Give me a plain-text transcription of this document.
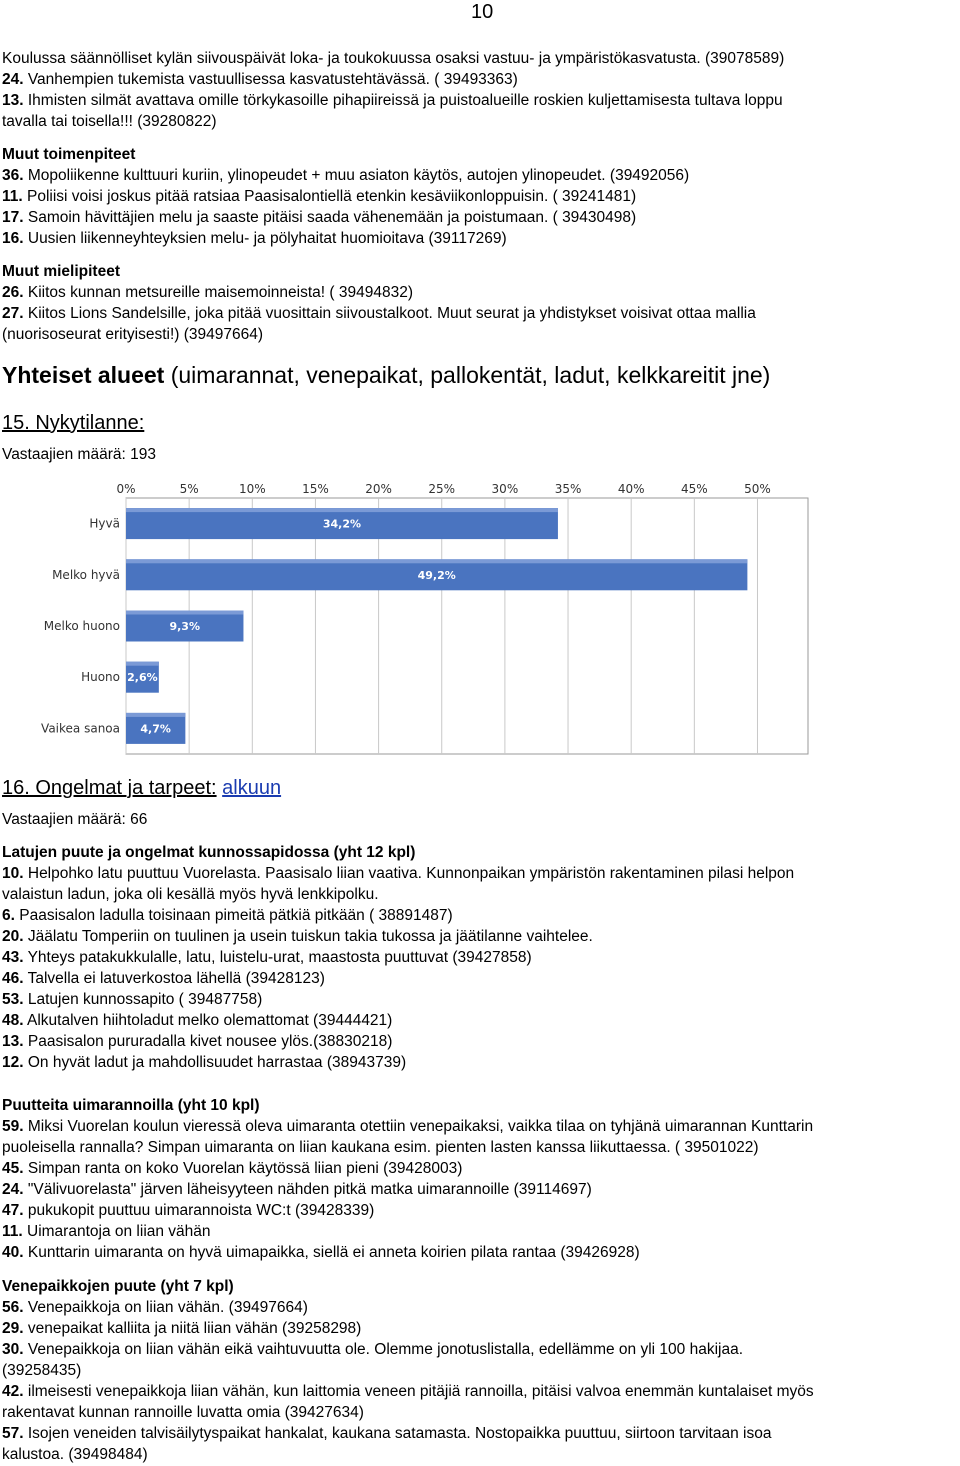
10
Koulussa säännölliset kylän siivouspäivät loka- ja toukokuussa osaksi vastuu- ja ympäristökasvatusta. (39078589)
24. Vanhempien tukemista vastuullisessa kasvatustehtävässä. ( 39493363)
13. Ihmisten silmät avattava omille törkykasoille pihapiireissä ja puistoalueille roskien kuljettamisesta tultava loppu
tavalla tai toisella!!! (39280822)
Muut toimenpiteet
36. Mopoliikenne kulttuuri kuriin, ylinopeudet + muu asiaton käytös, autojen ylinopeudet. (39492056)
11. Poliisi voisi joskus pitää ratsiaa Paasisalontiellä etenkin kesäviikonloppuisin. ( 39241481)
17. Samoin hävittäjien melu ja saaste pitäisi saada vähenemään ja poistumaan. ( 39430498)
16. Uusien liikenneyhteyksien melu- ja pölyhaitat huomioitava (39117269)
Muut mielipiteet
26. Kiitos kunnan metsureille maisemoinneista! ( 39494832)
27. Kiitos Lions Sandelsille, joka pitää vuosittain siivoustalkoot. Muut seurat ja yhdistykset voisivat ottaa mallia
(nuorisoseurat erityisesti!) (39497664)
Yhteiset alueet (uimarannat, venepaikat, pallokentät, ladut, kelkkareitit jne)
15. Nykytilanne:
Vastaajien määrä: 193
0%	5%	10%	15%	20%	25%	30%	35%	40%	45%	50%
Hyvä	34,2%
Melko hyvä	49,2%
Melko huono	9,3%
Huono 2,6%
Vaikea sanoa 4,7%
16. Ongelmat ja tarpeet: alkuun
Vastaajien määrä: 66
Latujen puute ja ongelmat kunnossapidossa (yht 12 kpl)
10. Helpohko latu puuttuu Vuorelasta. Paasisalo liian vaativa. Kunnonpaikan ympäristön rakentaminen pilasi helpon
valaistun ladun, joka oli kesällä myös hyvä lenkkipolku.
6. Paasisalon ladulla toisinaan pimeitä pätkiä pitkään ( 38891487)
20. Jäälatu Tomperiin on tuulinen ja usein tuiskun takia tukossa ja jäätilanne vaihtelee.
43. Yhteys patakukkulalle, latu, luistelu-urat, maastosta puuttuvat (39427858)
46. Talvella ei latuverkostoa lähellä (39428123)
53. Latujen kunnossapito ( 39487758)
48. Alkutalven hiihtoladut melko olemattomat (39444421)
13. Paasisalon pururadalla kivet nousee ylös.(38830218)
12. On hyvät ladut ja mahdollisuudet harrastaa (38943739)
Puutteita uimarannoilla (yht 10 kpl)
59. Miksi Vuorelan koulun vieressä oleva uimaranta otettiin venepaikaksi, vaikka tilaa on tyhjänä uimarannan Kunttarin
puoleisella rannalla? Simpan uimaranta on liian kaukana esim. pienten lasten kanssa liikuttaessa. ( 39501022)
45. Simpan ranta on koko Vuorelan käytössä liian pieni (39428003)
24. "Välivuorelasta" järven läheisyyteen nähden pitkä matka uimarannoille (39114697)
47. pukukopit puuttuu uimarannoista WC:t (39428339)
11. Uimarantoja on liian vähän
40. Kunttarin uimaranta on hyvä uimapaikka, siellä ei anneta koirien pilata rantaa (39426928)
Venepaikkojen puute (yht 7 kpl)
56. Venepaikkoja on liian vähän. (39497664)
29. venepaikat kalliita ja niitä liian vähän (39258298)
30. Venepaikkoja on liian vähän eikä vaihtuvuutta ole. Olemme jonotuslistalla, edellämme on yli 100 hakijaa.
(39258435)
42. ilmeisesti venepaikkoja liian vähän, kun laittomia veneen pitäjiä rannoilla, pitäisi valvoa enemmän kuntalaiset myös
rakentavat kunnan rannoille luvatta omia (39427634)
57. Isojen veneiden talvisäilytyspaikat hankalat, kaukana satamasta. Nostopaikka puuttuu, siirtoon tarvitaan isoa
kalustoa. (39498484)
